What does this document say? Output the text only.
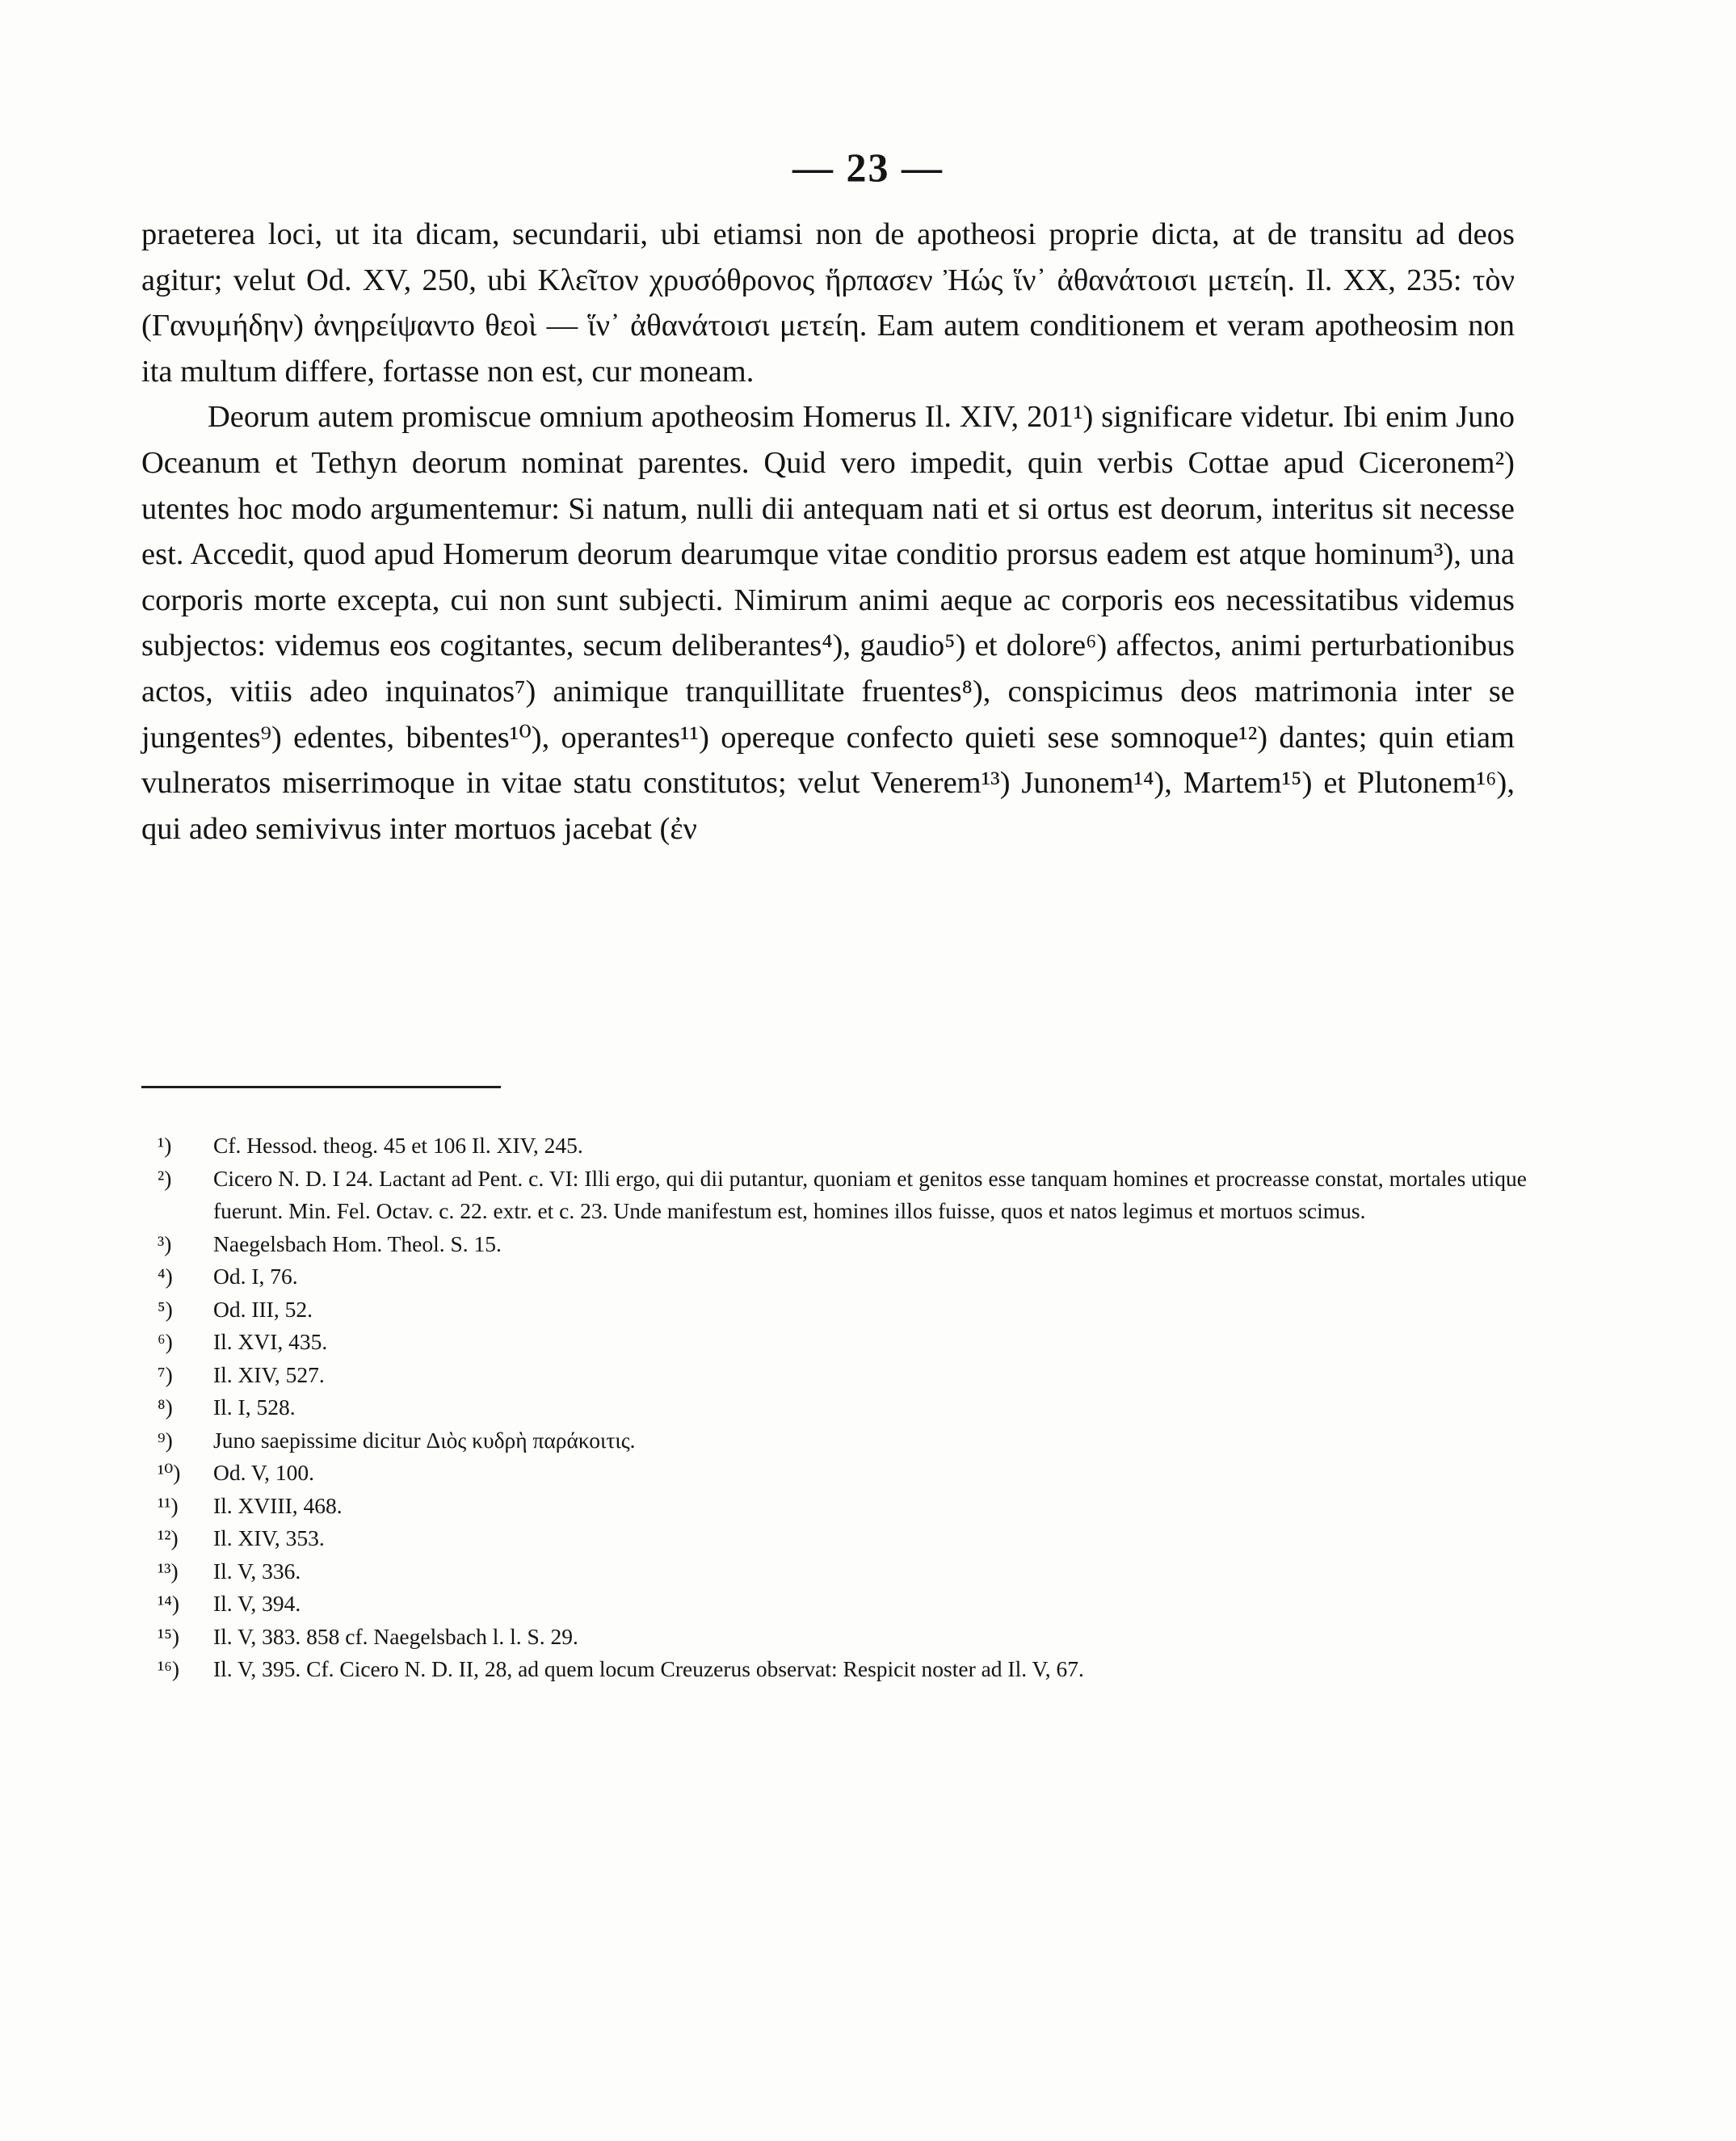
— 23 —

praeterea loci, ut ita dicam, secundarii, ubi etiamsi non de apotheosi proprie dicta, at de transitu ad deos agitur; velut Od. XV, 250, ubi Κλεῖτον χρυσόθρονος ἥρπασεν Ἠώς ἵν᾽ ἀθανάτοισι μετείη. Il. XX, 235: τὸν (Γανυμήδην) ἀνηρείψαντο θεοὶ — ἵν᾽ ἀθανάτοισι μετείη. Eam autem conditionem et veram apotheosim non ita multum differe, fortasse non est, cur moneam.

Deorum autem promiscue omnium apotheosim Homerus Il. XIV, 201¹) significare videtur. Ibi enim Juno Oceanum et Tethyn deorum nominat parentes. Quid vero impedit, quin verbis Cottae apud Ciceronem²) utentes hoc modo argumentemur: Si natum, nulli dii antequam nati et si ortus est deorum, interitus sit necesse est. Accedit, quod apud Homerum deorum dearumque vitae conditio prorsus eadem est atque hominum³), una corporis morte excepta, cui non sunt subjecti. Nimirum animi aeque ac corporis eos necessitatibus videmus subjectos: videmus eos cogitantes, secum deliberantes⁴), gaudio⁵) et dolore⁶) affectos, animi perturbationibus actos, vitiis adeo inquinatos⁷) animique tranquillitate fruentes⁸), conspicimus deos matrimonia inter se jungentes⁹) edentes, bibentes¹⁰), operantes¹¹) opereque confecto quieti sese somnoque¹²) dantes; quin etiam vulneratos miserrimoque in vitae statu constitutos; velut Venerem¹³) Junonem¹⁴), Martem¹⁵) et Plutonem¹⁶), qui adeo semivivus inter mortuos jacebat (ἐν

¹)	Cf. Hessod. theog. 45 et 106 Il. XIV, 245.
²)	Cicero N. D. I 24. Lactant ad Pent. c. VI: Illi ergo, qui dii putantur, quoniam et genitos esse tanquam homines et procreasse constat, mortales utique fuerunt. Min. Fel. Octav. c. 22. extr. et c. 23. Unde manifestum est, homines illos fuisse, quos et natos legimus et mortuos scimus.
³)	Naegelsbach Hom. Theol. S. 15.
⁴)	Od. I, 76.
⁵)	Od. III, 52.
⁶)	Il. XVI, 435.
⁷)	Il. XIV, 527.
⁸)	Il. I, 528.
⁹)	Juno saepissime dicitur Διὸς κυδρὴ παράκοιτις.
¹⁰)	Od. V, 100.
¹¹)	Il. XVIII, 468.
¹²)	Il. XIV, 353.
¹³)	Il. V, 336.
¹⁴)	Il. V, 394.
¹⁵)	Il. V, 383. 858 cf. Naegelsbach l. l. S. 29.
¹⁶)	Il. V, 395. Cf. Cicero N. D. II, 28, ad quem locum Creuzerus observat: Respicit noster ad Il. V, 67.
